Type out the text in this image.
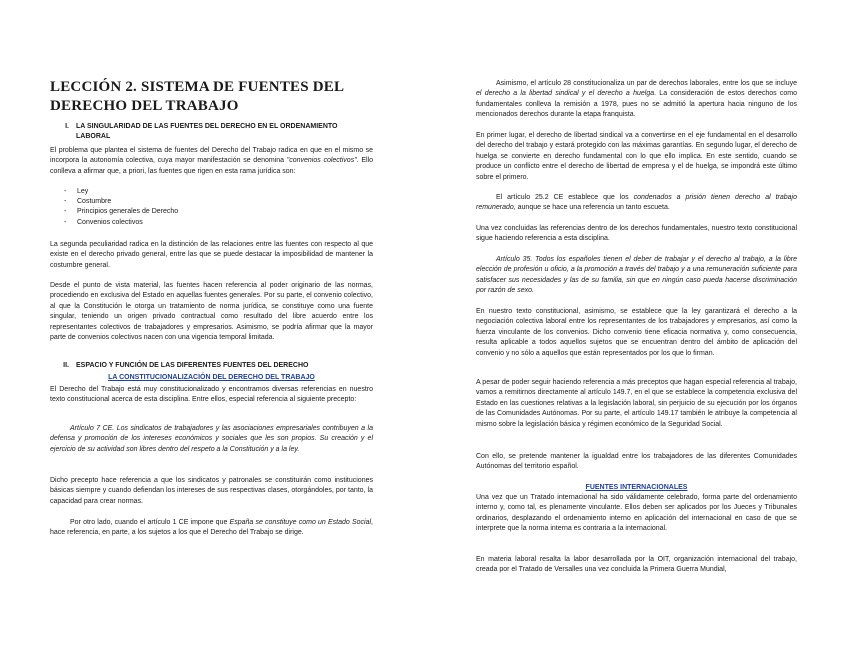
LECCIÓN 2. SISTEMA DE FUENTES DEL DERECHO DEL TRABAJO

I. LA SINGULARIDAD DE LAS FUENTES DEL DERECHO EN EL ORDENAMIENTO LABORAL

El problema que plantea el sistema de fuentes del Derecho del Trabajo radica en que en el mismo se incorpora la autonomía colectiva, cuya mayor manifestación se denomina "convenios colectivos". Ello conlleva a afirmar que, a priori, las fuentes que rigen en esta rama jurídica son:

- Ley
- Costumbre
- Principios generales de Derecho
- Convenios colectivos

La segunda peculiaridad radica en la distinción de las relaciones entre las fuentes con respecto al que existe en el derecho privado general, entre las que se puede destacar la imposibilidad de mantener la costumbre general.

Desde el punto de vista material, las fuentes hacen referencia al poder originario de las normas, procediendo en exclusiva del Estado en aquellas fuentes generales. Por su parte, el convenio colectivo, al que la Constitución le otorga un tratamiento de norma jurídica, se constituye como una fuente singular, teniendo un origen privado contractual como resultado del libre acuerdo entre los representantes colectivos de trabajadores y empresarios. Asimismo, se podría afirmar que la mayor parte de convenios colectivos nacen con una vigencia temporal limitada.

II. ESPACIO Y FUNCIÓN DE LAS DIFERENTES FUENTES DEL DERECHO

LA CONSTITUCIONALIZACIÓN DEL DERECHO DEL TRABAJO

El Derecho del Trabajo está muy constitucionalizado y encontramos diversas referencias en nuestro texto constitucional acerca de esta disciplina. Entre ellos, especial referencia al siguiente precepto:

Artículo 7 CE. Los sindicatos de trabajadores y las asociaciones empresariales contribuyen a la defensa y promoción de los intereses económicos y sociales que les son propios. Su creación y el ejercicio de su actividad son libres dentro del respeto a la Constitución y a la ley.

Dicho precepto hace referencia a que los sindicatos y patronales se constituirán como instituciones básicas siempre y cuando defiendan los intereses de sus respectivas clases, otorgándoles, por tanto, la capacidad para crear normas.

Por otro lado, cuando el artículo 1 CE impone que España se constituye como un Estado Social, hace referencia, en parte, a los sujetos a los que el Derecho del Trabajo se dirige.

Asimismo, el artículo 28 constitucionaliza un par de derechos laborales, entre los que se incluye el derecho a la libertad sindical y el derecho a huelga. La consideración de estos derechos como fundamentales conlleva la remisión a 1978, pues no se admitió la apertura hacia ninguno de los mencionados derechos durante la etapa franquista.

En primer lugar, el derecho de libertad sindical va a convertirse en el eje fundamental en el desarrollo del derecho del trabajo y estará protegido con las máximas garantías. En segundo lugar, el derecho de huelga se convierte en derecho fundamental con lo que ello implica. En este sentido, cuando se produce un conflicto entre el derecho de libertad de empresa y el de huelga, se impondrá este último sobre el primero.

El artículo 25.2 CE establece que los condenados a prisión tienen derecho al trabajo remunerado, aunque se hace una referencia un tanto escueta.

Una vez concluidas las referencias dentro de los derechos fundamentales, nuestro texto constitucional sigue haciendo referencia a esta disciplina.

Artículo 35. Todos los españoles tienen el deber de trabajar y el derecho al trabajo, a la libre elección de profesión u oficio, a la promoción a través del trabajo y a una remuneración suficiente para satisfacer sus necesidades y las de su familia, sin que en ningún caso pueda hacerse discriminación por razón de sexo.

En nuestro texto constitucional, asimismo, se establece que la ley garantizará el derecho a la negociación colectiva laboral entre los representantes de los trabajadores y empresarios, así como la fuerza vinculante de los convenios. Dicho convenio tiene eficacia normativa y, como consecuencia, resulta aplicable a todos aquellos sujetos que se encuentran dentro del ámbito de aplicación del convenio y no sólo a aquellos que están representados por los que lo firman.

A pesar de poder seguir haciendo referencia a más preceptos que hagan especial referencia al trabajo, vamos a remitirnos directamente al artículo 149.7, en el que se establece la competencia exclusiva del Estado en las cuestiones relativas a la legislación laboral, sin perjuicio de su ejecución por los órganos de las Comunidades Autónomas. Por su parte, el artículo 149.17 también le atribuye la competencia al mismo sobre la legislación básica y régimen económico de la Seguridad Social.

Con ello, se pretende mantener la igualdad entre los trabajadores de las diferentes Comunidades Autónomas del territorio español.

FUENTES INTERNACIONALES

Una vez que un Tratado internacional ha sido válidamente celebrado, forma parte del ordenamiento interno y, como tal, es plenamente vinculante. Ellos deben ser aplicados por los Jueces y Tribunales ordinarios, desplazando el ordenamiento interno en aplicación del internacional en caso de que se interprete que la norma interna es contraria a la internacional.

En materia laboral resalta la labor desarrollada por la OIT, organización internacional del trabajo, creada por el Tratado de Versalles una vez concluida la Primera Guerra Mundial,
